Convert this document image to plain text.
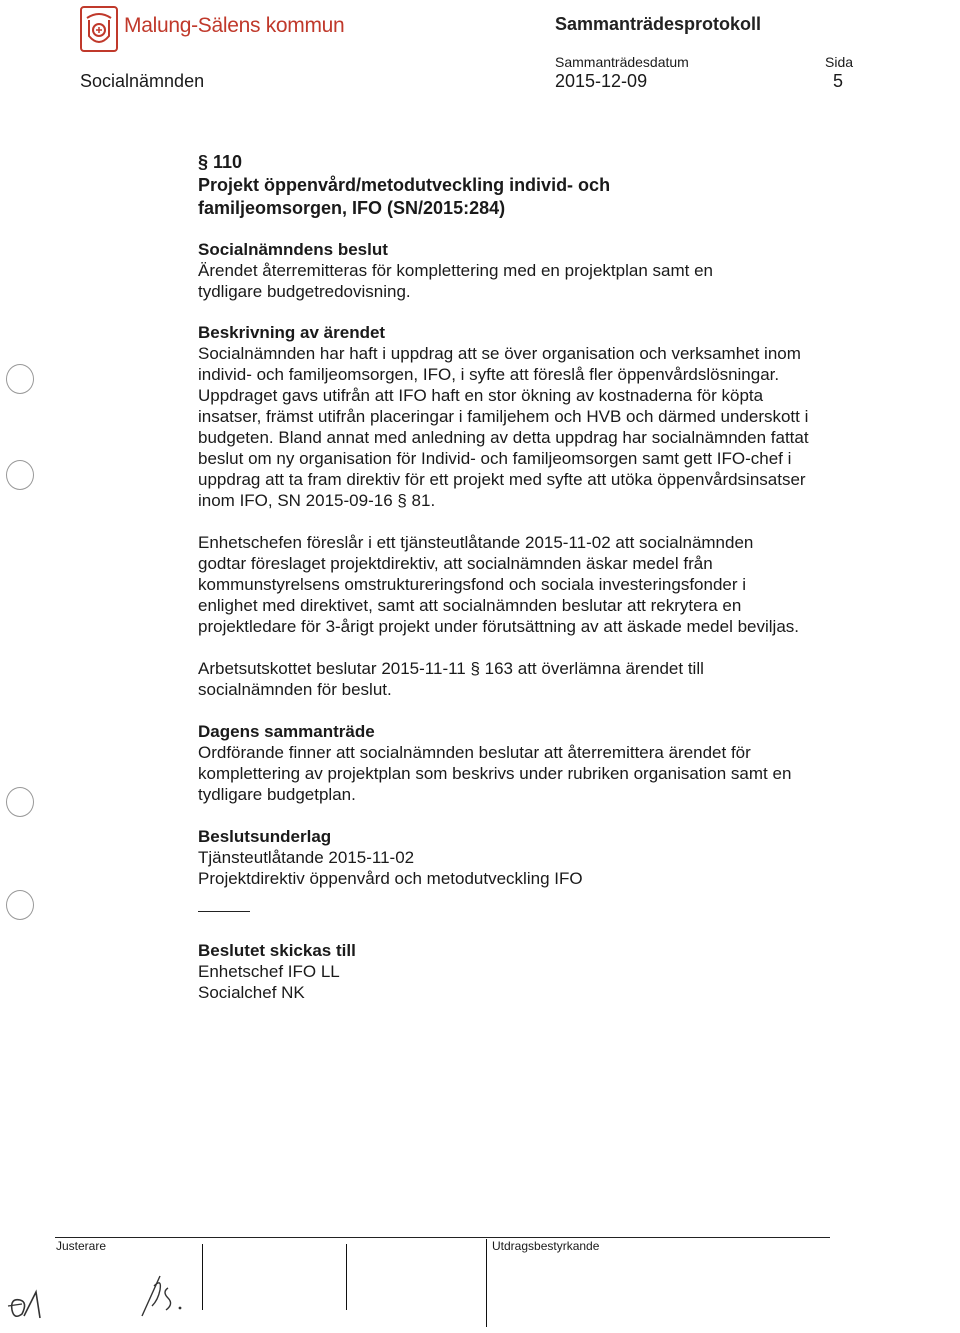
Malung-Sälens kommun	Sammanträdesprotokoll
Socialnämnden
Sammanträdesdatum
2015-12-09
Sida
5
§ 110
Projekt öppenvård/metodutveckling individ- och
familjeomsorgen, IFO (SN/2015:284)

Socialnämndens beslut

Ärendet återremitteras för komplettering med en projektplan samt en tydligare budgetredovisning.

Beskrivning av ärendet

Socialnämnden har haft i uppdrag att se över organisation och verksamhet inom individ- och familjeomsorgen, IFO, i syfte att föreslå fler öppenvårdslösningar. Uppdraget gavs utifrån att IFO haft en stor ökning av kostnaderna för köpta insatser, främst utifrån placeringar i familjehem och HVB och därmed underskott i budgeten. Bland annat med anledning av detta uppdrag har socialnämnden fattat beslut om ny organisation för Individ- och familjeomsorgen samt gett IFO-chef i uppdrag att ta fram direktiv för ett projekt med syfte att utöka öppenvårdsinsatser inom IFO, SN 2015-09-16 § 81.

Enhetschefen föreslår i ett tjänsteutlåtande 2015-11-02 att socialnämnden godtar föreslaget projektdirektiv, att socialnämnden äskar medel från kommunstyrelsens omstruktureringsfond och sociala investeringsfonder i enlighet med direktivet, samt att socialnämnden beslutar att rekrytera en projektledare för 3-årigt projekt under förutsättning av att äskade medel beviljas.

Arbetsutskottet beslutar 2015-11-11 § 163 att överlämna ärendet till socialnämnden för beslut.

Dagens sammanträde

Ordförande finner att socialnämnden beslutar att återremittera ärendet för komplettering av projektplan som beskrivs under rubriken organisation samt en tydligare budgetplan.

Beslutsunderlag

Tjänsteutlåtande 2015-11-02

Projektdirektiv öppenvård och metodutveckling IFO

Beslutet skickas till

Enhetschef IFO LL

Socialchef NK

Justerare	Utdragsbestyrkande
